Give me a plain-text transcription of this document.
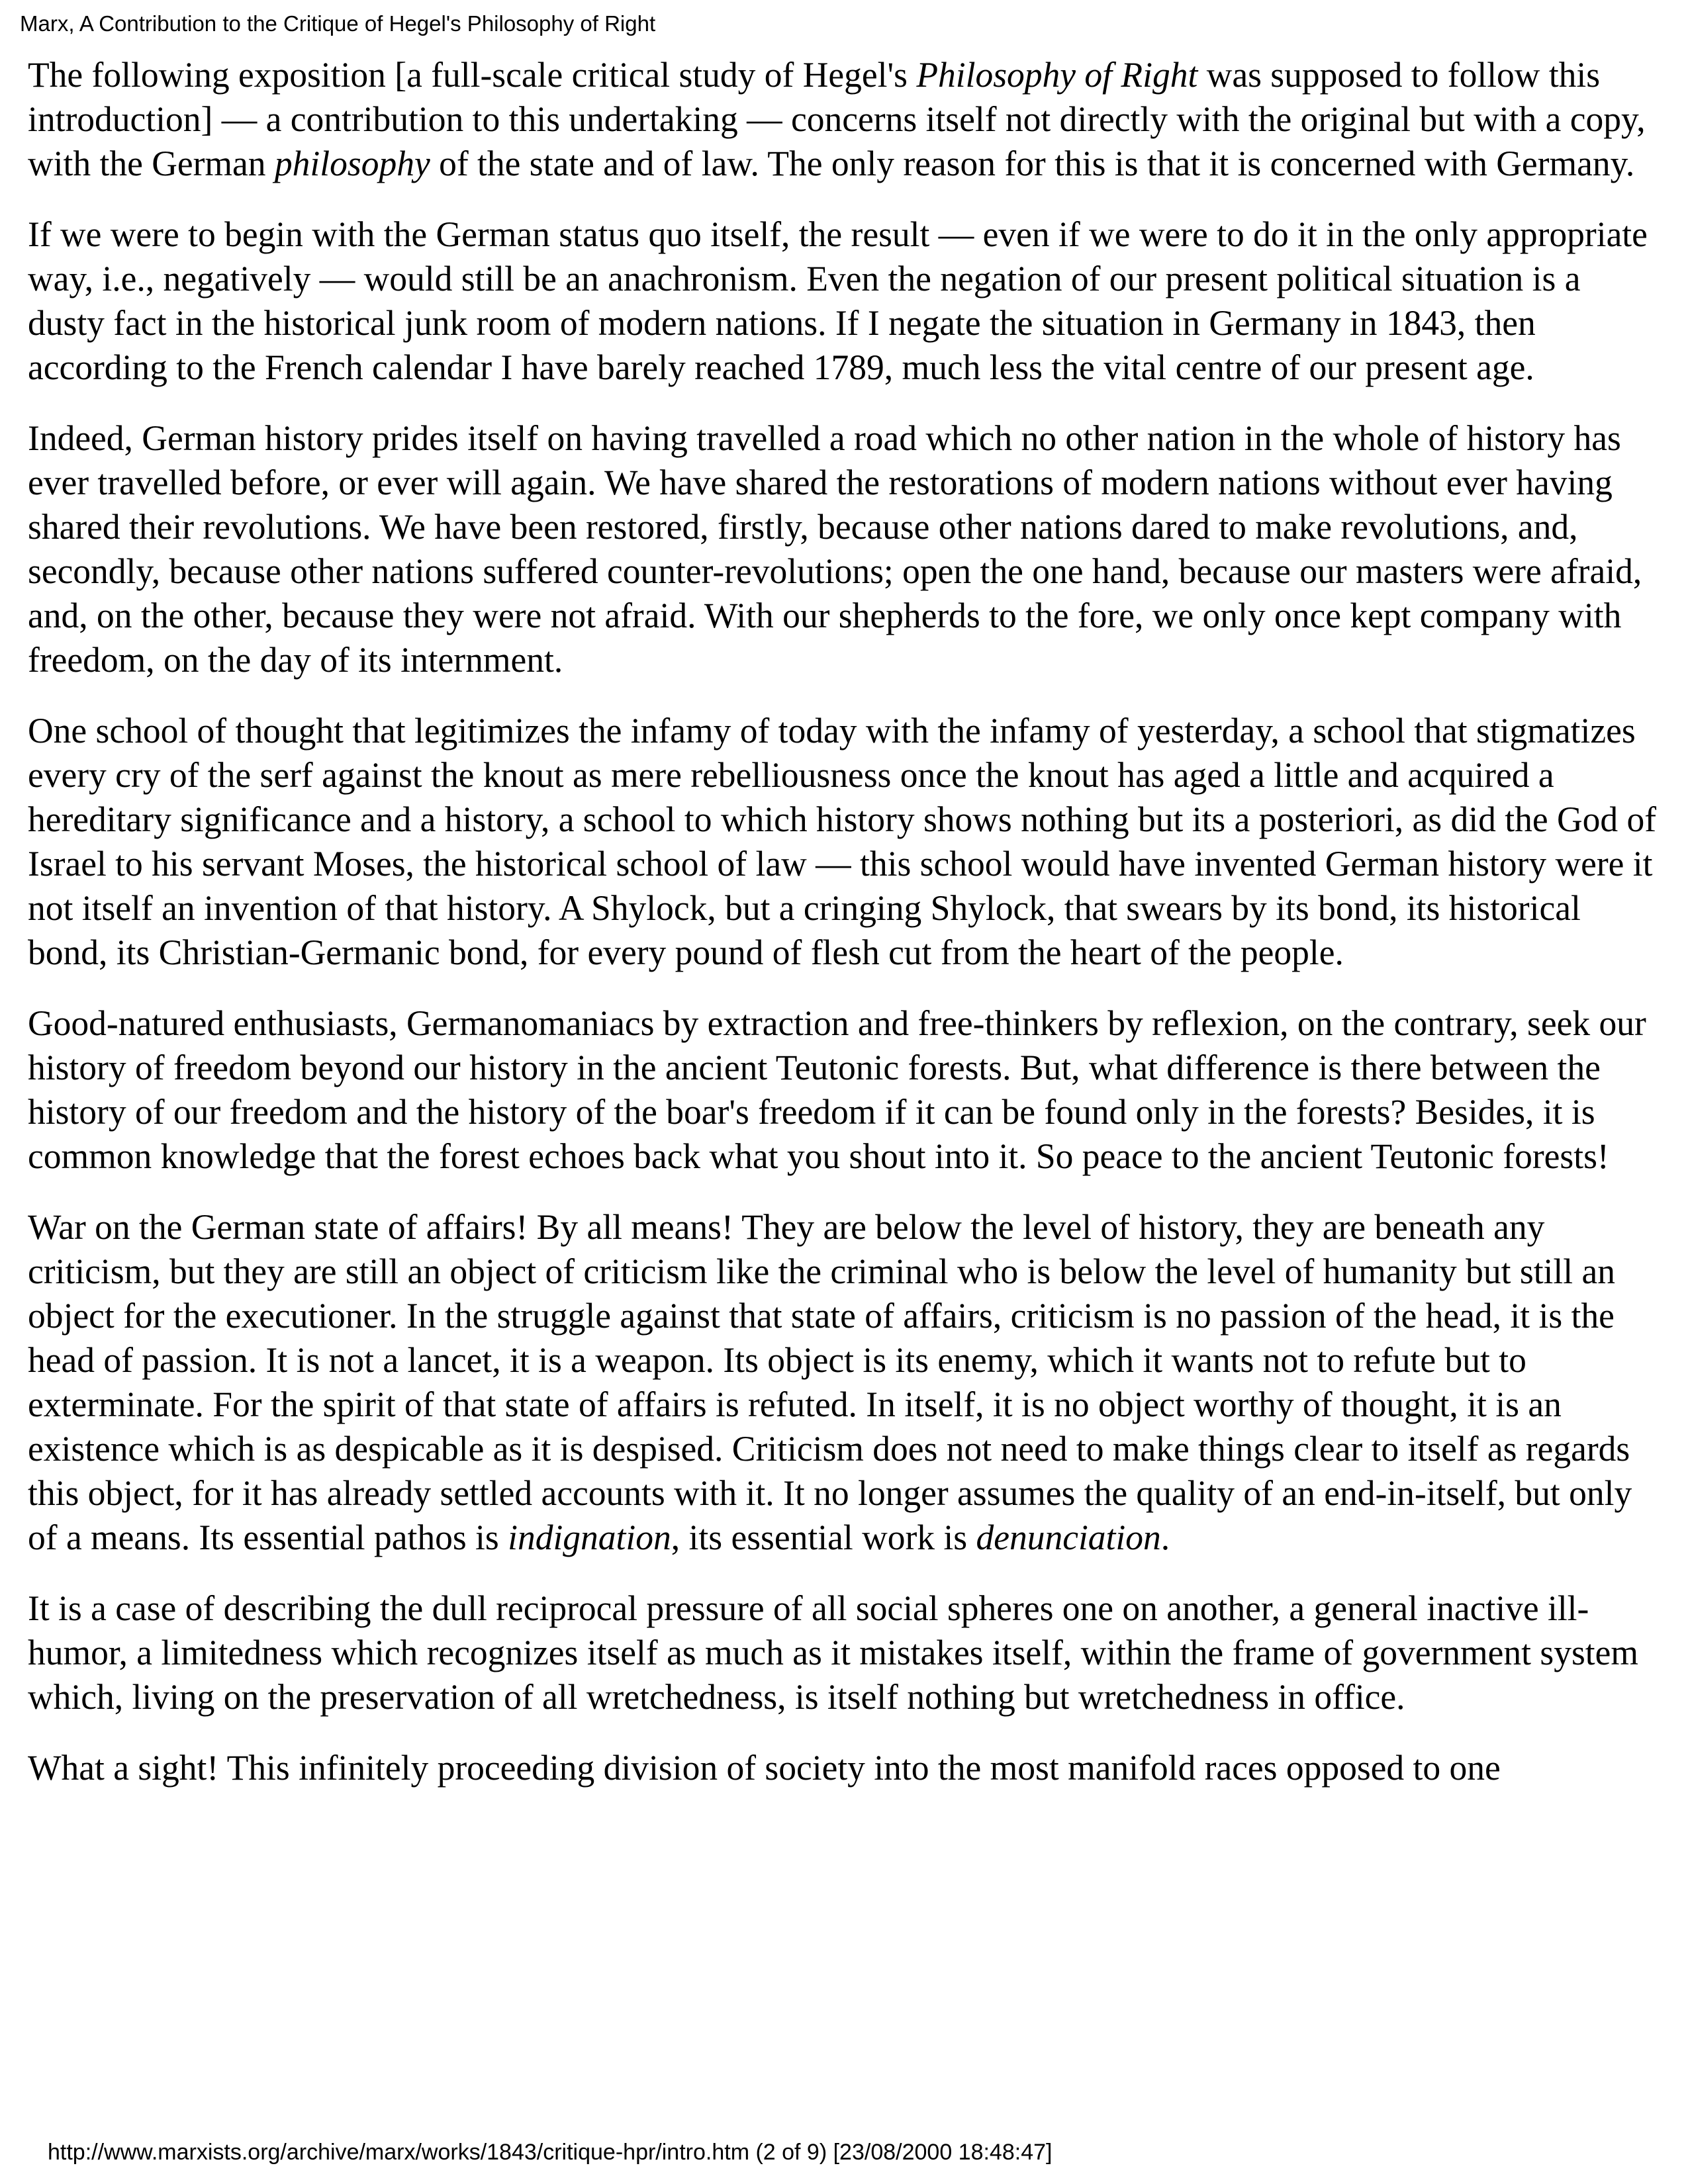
Marx, A Contribution to the Critique of Hegel's Philosophy of Right

The following exposition [a full-scale critical study of Hegel's Philosophy of Right was supposed to follow this introduction] — a contribution to this undertaking — concerns itself not directly with the original but with a copy, with the German philosophy of the state and of law. The only reason for this is that it is concerned with Germany.

If we were to begin with the German status quo itself, the result — even if we were to do it in the only appropriate way, i.e., negatively — would still be an anachronism. Even the negation of our present political situation is a dusty fact in the historical junk room of modern nations. If I negate the situation in Germany in 1843, then according to the French calendar I have barely reached 1789, much less the vital centre of our present age.

Indeed, German history prides itself on having travelled a road which no other nation in the whole of history has ever travelled before, or ever will again. We have shared the restorations of modern nations without ever having shared their revolutions. We have been restored, firstly, because other nations dared to make revolutions, and, secondly, because other nations suffered counter-revolutions; open the one hand, because our masters were afraid, and, on the other, because they were not afraid. With our shepherds to the fore, we only once kept company with freedom, on the day of its internment.

One school of thought that legitimizes the infamy of today with the infamy of yesterday, a school that stigmatizes every cry of the serf against the knout as mere rebelliousness once the knout has aged a little and acquired a hereditary significance and a history, a school to which history shows nothing but its a posteriori, as did the God of Israel to his servant Moses, the historical school of law — this school would have invented German history were it not itself an invention of that history. A Shylock, but a cringing Shylock, that swears by its bond, its historical bond, its Christian-Germanic bond, for every pound of flesh cut from the heart of the people.

Good-natured enthusiasts, Germanomaniacs by extraction and free-thinkers by reflexion, on the contrary, seek our history of freedom beyond our history in the ancient Teutonic forests. But, what difference is there between the history of our freedom and the history of the boar's freedom if it can be found only in the forests? Besides, it is common knowledge that the forest echoes back what you shout into it. So peace to the ancient Teutonic forests!

War on the German state of affairs! By all means! They are below the level of history, they are beneath any criticism, but they are still an object of criticism like the criminal who is below the level of humanity but still an object for the executioner. In the struggle against that state of affairs, criticism is no passion of the head, it is the head of passion. It is not a lancet, it is a weapon. Its object is its enemy, which it wants not to refute but to exterminate. For the spirit of that state of affairs is refuted. In itself, it is no object worthy of thought, it is an existence which is as despicable as it is despised. Criticism does not need to make things clear to itself as regards this object, for it has already settled accounts with it. It no longer assumes the quality of an end-in-itself, but only of a means. Its essential pathos is indignation, its essential work is denunciation.

It is a case of describing the dull reciprocal pressure of all social spheres one on another, a general inactive ill-humor, a limitedness which recognizes itself as much as it mistakes itself, within the frame of government system which, living on the preservation of all wretchedness, is itself nothing but wretchedness in office.

What a sight! This infinitely proceeding division of society into the most manifold races opposed to one

http://www.marxists.org/archive/marx/works/1843/critique-hpr/intro.htm (2 of 9) [23/08/2000 18:48:47]
